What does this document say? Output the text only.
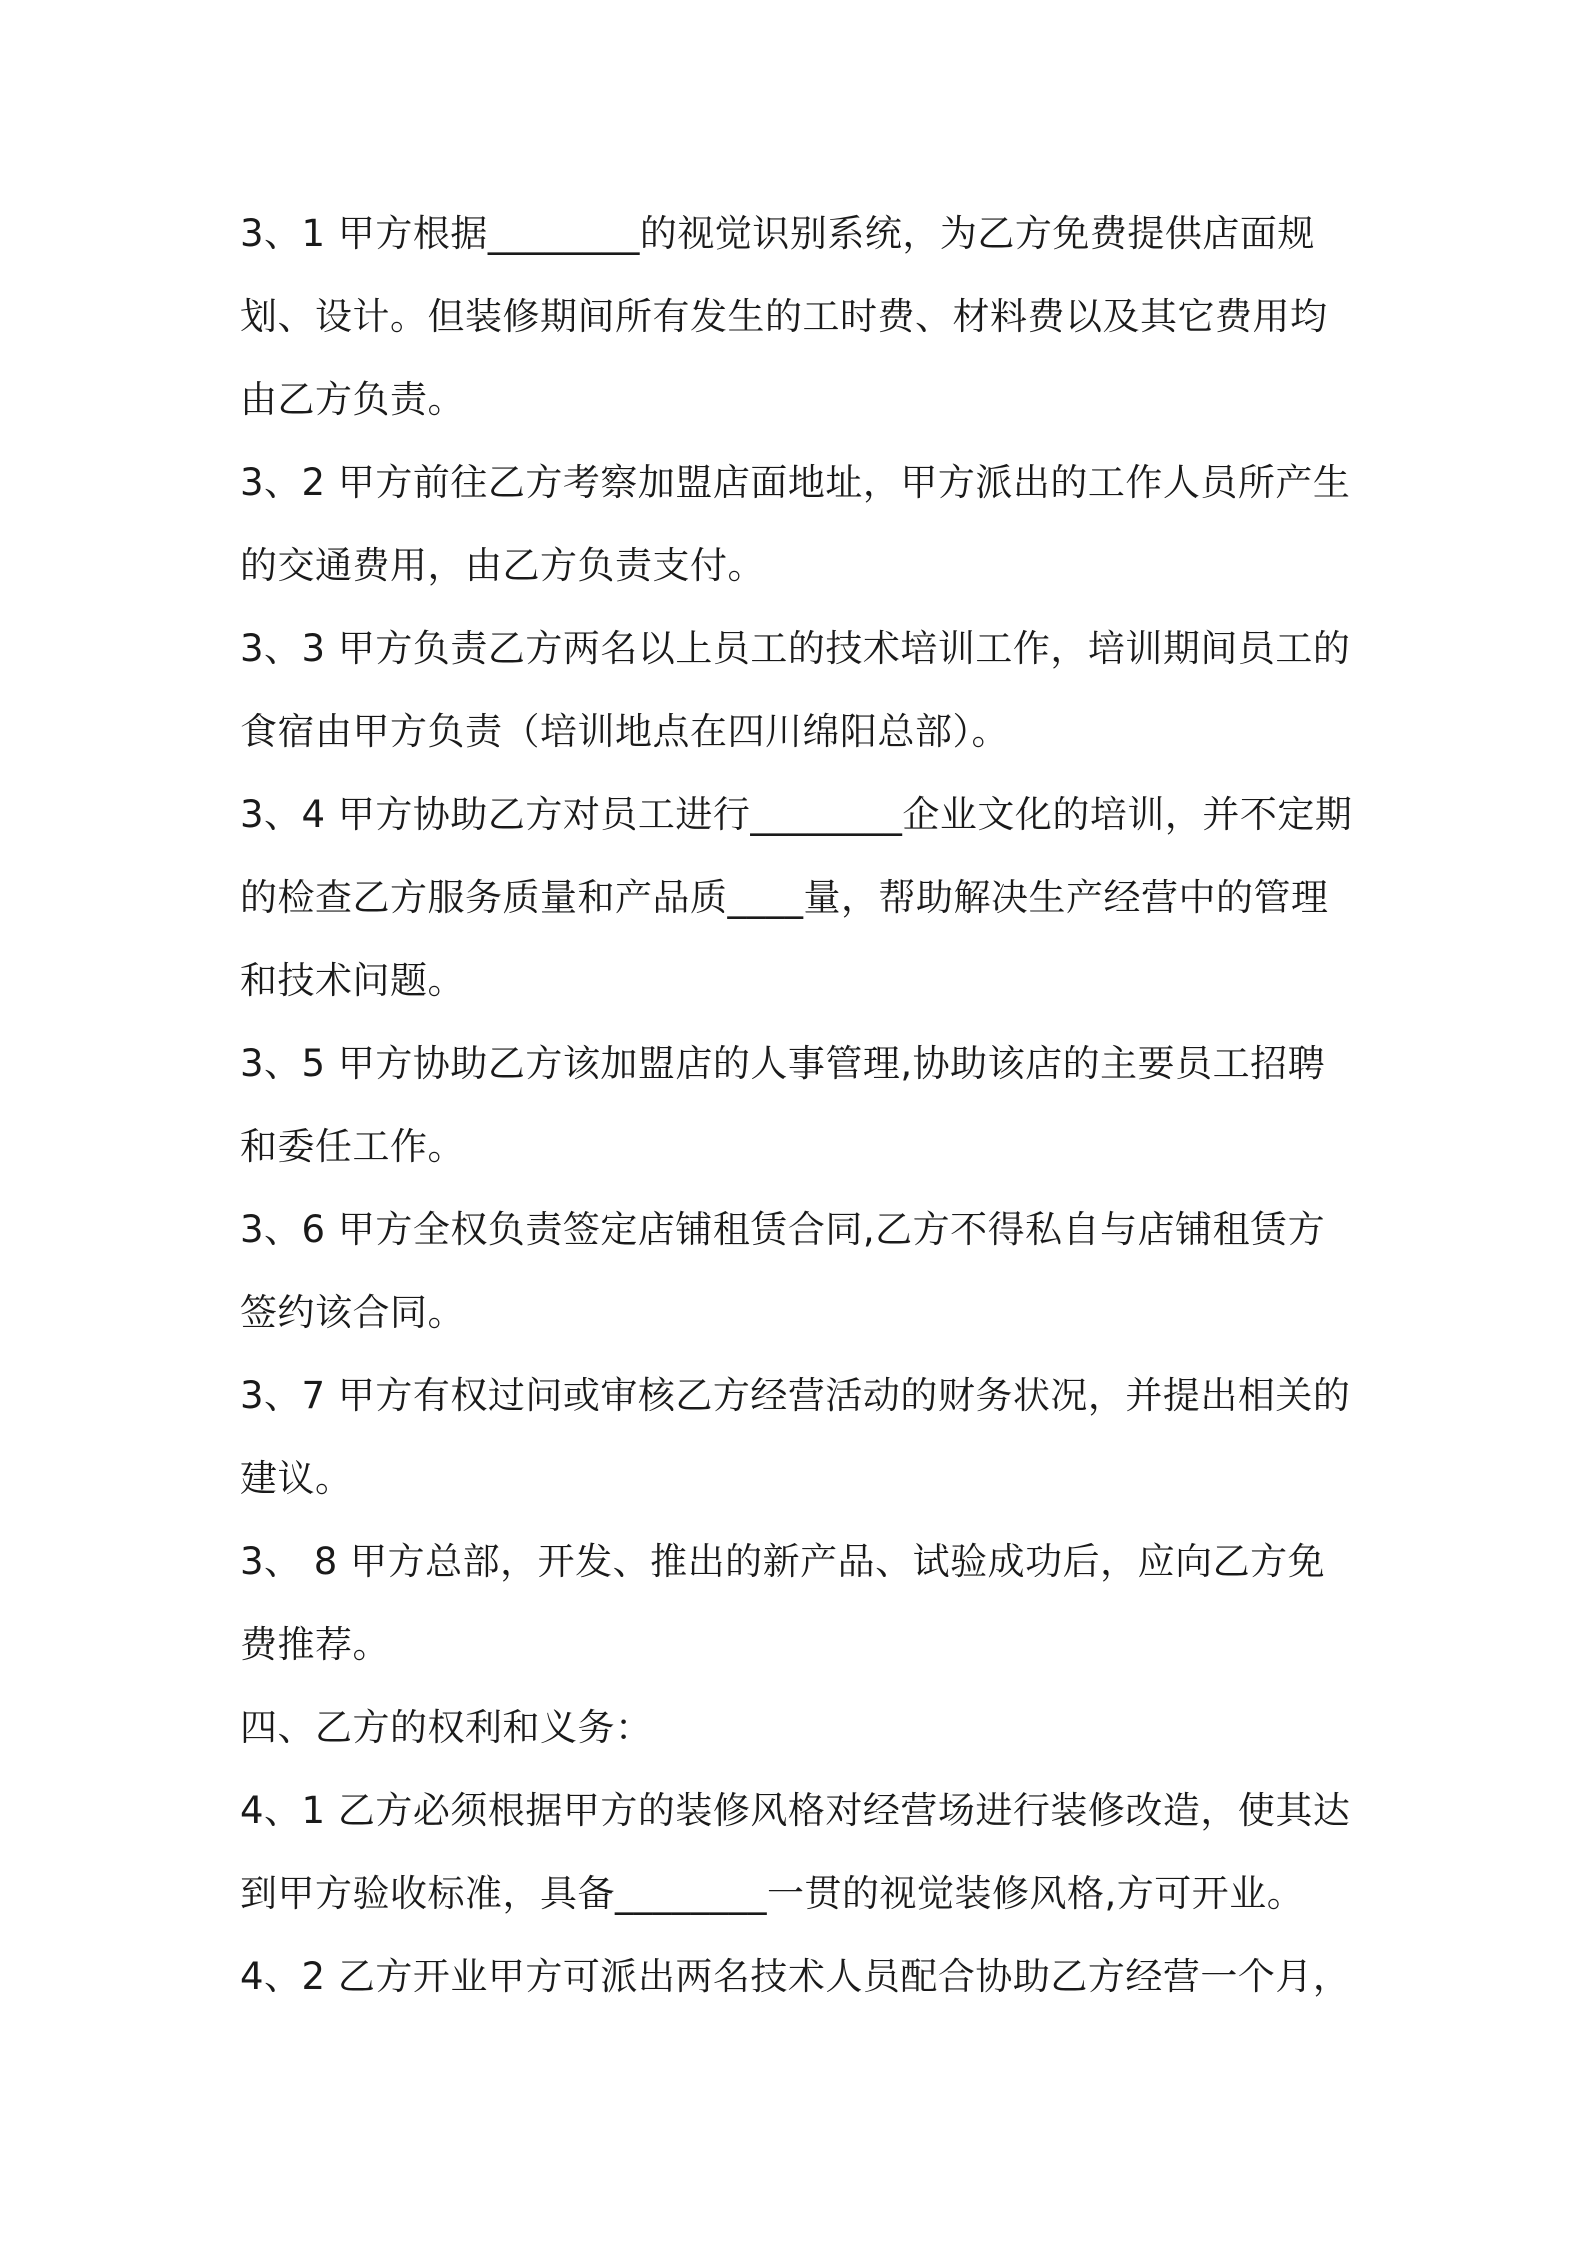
3、1 甲方根据________的视觉识别系统，为乙方免费提供店面规划、设计。但装修期间所有发生的工时费、材料费以及其它费用均由乙方负责。

3、2 甲方前往乙方考察加盟店面地址，甲方派出的工作人员所产生的交通费用，由乙方负责支付。

3、3 甲方负责乙方两名以上员工的技术培训工作，培训期间员工的食宿由甲方负责（培训地点在四川绵阳总部）。

3、4 甲方协助乙方对员工进行________企业文化的培训，并不定期的检查乙方服务质量和产品质____量，帮助解决生产经营中的管理和技术问题。

3、5 甲方协助乙方该加盟店的人事管理,协助该店的主要员工招聘和委任工作。

3、6 甲方全权负责签定店铺租赁合同,乙方不得私自与店铺租赁方签约该合同。

3、7 甲方有权过问或审核乙方经营活动的财务状况，并提出相关的建议。

3、 8 甲方总部，开发、推出的新产品、试验成功后，应向乙方免费推荐。

四、乙方的权利和义务：

4、1 乙方必须根据甲方的装修风格对经营场进行装修改造，使其达到甲方验收标准，具备________一贯的视觉装修风格,方可开业。

4、2 乙方开业甲方可派出两名技术人员配合协助乙方经营一个月，
